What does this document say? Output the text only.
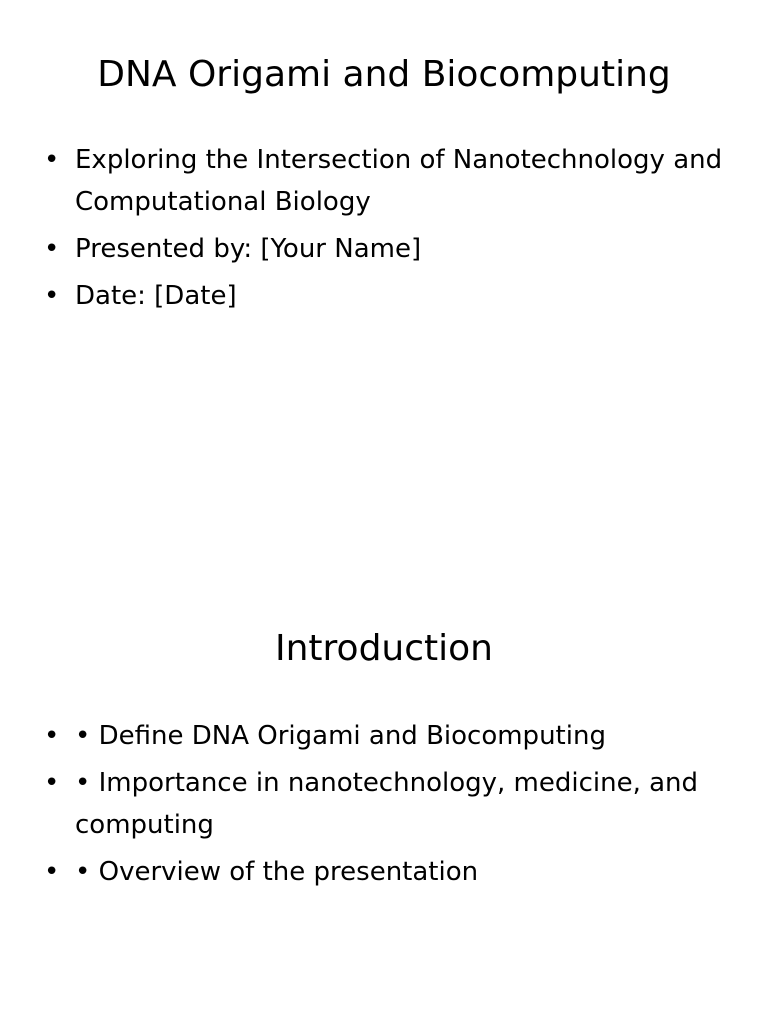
DNA Origami and Biocomputing
• Exploring the Intersection of Nanotechnology and Computational Biology
• Presented by: [Your Name]
• Date: [Date]
Introduction
• • Define DNA Origami and Biocomputing
• • Importance in nanotechnology, medicine, and computing
• • Overview of the presentation
